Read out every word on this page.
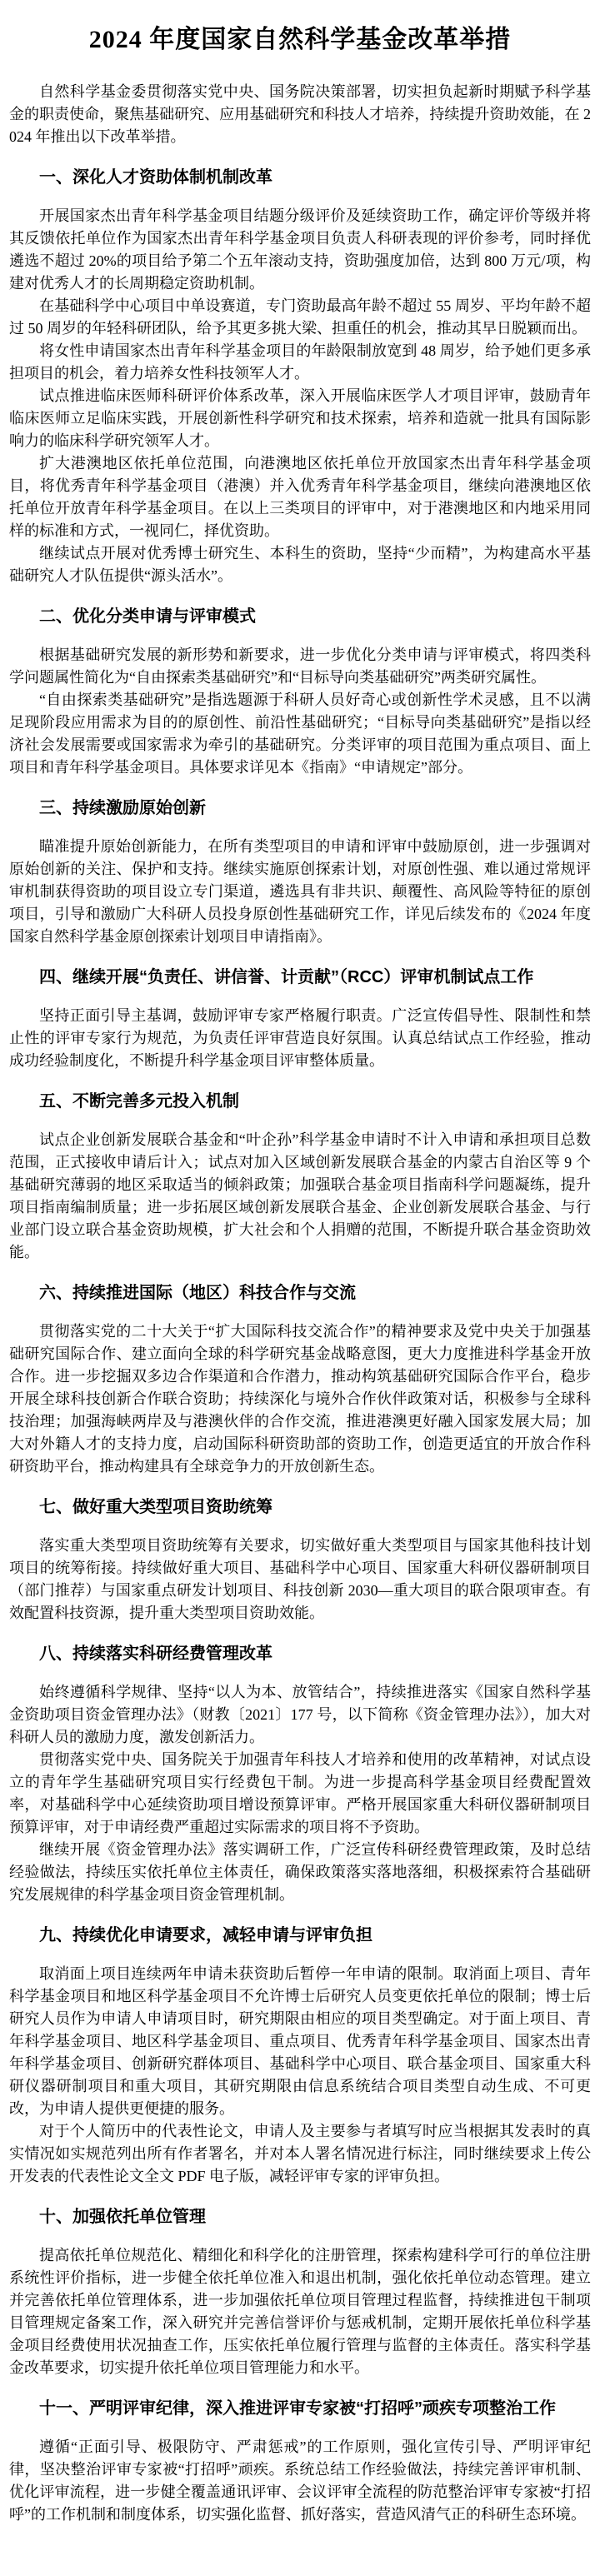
2024 年度国家自然科学基金改革举措

自然科学基金委贯彻落实党中央、国务院决策部署，切实担负起新时期赋予科学基金的职责使命，聚焦基础研究、应用基础研究和科技人才培养，持续提升资助效能，在 2024 年推出以下改革举措。

一、深化人才资助体制机制改革

开展国家杰出青年科学基金项目结题分级评价及延续资助工作，确定评价等级并将其反馈依托单位作为国家杰出青年科学基金项目负责人科研表现的评价参考，同时择优遴选不超过 20%的项目给予第二个五年滚动支持，资助强度加倍，达到 800 万元/项，构建对优秀人才的长周期稳定资助机制。

在基础科学中心项目中单设赛道，专门资助最高年龄不超过 55 周岁、平均年龄不超过 50 周岁的年轻科研团队，给予其更多挑大梁、担重任的机会，推动其早日脱颖而出。

将女性申请国家杰出青年科学基金项目的年龄限制放宽到 48 周岁，给予她们更多承担项目的机会，着力培养女性科技领军人才。

试点推进临床医师科研评价体系改革，深入开展临床医学人才项目评审，鼓励青年临床医师立足临床实践，开展创新性科学研究和技术探索，培养和造就一批具有国际影响力的临床科学研究领军人才。

扩大港澳地区依托单位范围，向港澳地区依托单位开放国家杰出青年科学基金项目，将优秀青年科学基金项目（港澳）并入优秀青年科学基金项目，继续向港澳地区依托单位开放青年科学基金项目。在以上三类项目的评审中，对于港澳地区和内地采用同样的标准和方式，一视同仁，择优资助。

继续试点开展对优秀博士研究生、本科生的资助，坚持“少而精”，为构建高水平基础研究人才队伍提供“源头活水”。

二、优化分类申请与评审模式

根据基础研究发展的新形势和新要求，进一步优化分类申请与评审模式，将四类科学问题属性简化为“自由探索类基础研究”和“目标导向类基础研究”两类研究属性。

“自由探索类基础研究”是指选题源于科研人员好奇心或创新性学术灵感，且不以满足现阶段应用需求为目的的原创性、前沿性基础研究；“目标导向类基础研究”是指以经济社会发展需要或国家需求为牵引的基础研究。分类评审的项目范围为重点项目、面上项目和青年科学基金项目。具体要求详见本《指南》“申请规定”部分。

三、持续激励原始创新

瞄准提升原始创新能力，在所有类型项目的申请和评审中鼓励原创，进一步强调对原始创新的关注、保护和支持。继续实施原创探索计划，对原创性强、难以通过常规评审机制获得资助的项目设立专门渠道，遴选具有非共识、颠覆性、高风险等特征的原创项目，引导和激励广大科研人员投身原创性基础研究工作，详见后续发布的《2024 年度国家自然科学基金原创探索计划项目申请指南》。

四、继续开展“负责任、讲信誉、计贡献”（RCC）评审机制试点工作

坚持正面引导主基调，鼓励评审专家严格履行职责。广泛宣传倡导性、限制性和禁止性的评审专家行为规范，为负责任评审营造良好氛围。认真总结试点工作经验，推动成功经验制度化，不断提升科学基金项目评审整体质量。

五、不断完善多元投入机制

试点企业创新发展联合基金和“叶企孙”科学基金申请时不计入申请和承担项目总数范围，正式接收申请后计入；试点对加入区域创新发展联合基金的内蒙古自治区等 9 个基础研究薄弱的地区采取适当的倾斜政策；加强联合基金项目指南科学问题凝练，提升项目指南编制质量；进一步拓展区域创新发展联合基金、企业创新发展联合基金、与行业部门设立联合基金资助规模，扩大社会和个人捐赠的范围，不断提升联合基金资助效能。

六、持续推进国际（地区）科技合作与交流

贯彻落实党的二十大关于“扩大国际科技交流合作”的精神要求及党中央关于加强基础研究国际合作、建立面向全球的科学研究基金战略意图，更大力度推进科学基金开放合作。进一步挖掘双多边合作渠道和合作潜力，推动构筑基础研究国际合作平台，稳步开展全球科技创新合作联合资助；持续深化与境外合作伙伴政策对话，积极参与全球科技治理；加强海峡两岸及与港澳伙伴的合作交流，推进港澳更好融入国家发展大局；加大对外籍人才的支持力度，启动国际科研资助部的资助工作，创造更适宜的开放合作科研资助平台，推动构建具有全球竞争力的开放创新生态。

七、做好重大类型项目资助统筹

落实重大类型项目资助统筹有关要求，切实做好重大类型项目与国家其他科技计划项目的统筹衔接。持续做好重大项目、基础科学中心项目、国家重大科研仪器研制项目（部门推荐）与国家重点研发计划项目、科技创新 2030—重大项目的联合限项审查。有效配置科技资源，提升重大类型项目资助效能。

八、持续落实科研经费管理改革

始终遵循科学规律、坚持“以人为本、放管结合”，持续推进落实《国家自然科学基金资助项目资金管理办法》（财教〔2021〕177 号，以下简称《资金管理办法》），加大对科研人员的激励力度，激发创新活力。

贯彻落实党中央、国务院关于加强青年科技人才培养和使用的改革精神，对试点设立的青年学生基础研究项目实行经费包干制。为进一步提高科学基金项目经费配置效率，对基础科学中心延续资助项目增设预算评审。严格开展国家重大科研仪器研制项目预算评审，对于申请经费严重超过实际需求的项目将不予资助。

继续开展《资金管理办法》落实调研工作，广泛宣传科研经费管理政策，及时总结经验做法，持续压实依托单位主体责任，确保政策落实落地落细，积极探索符合基础研究发展规律的科学基金项目资金管理机制。

九、持续优化申请要求，减轻申请与评审负担

取消面上项目连续两年申请未获资助后暂停一年申请的限制。取消面上项目、青年科学基金项目和地区科学基金项目不允许博士后研究人员变更依托单位的限制；博士后研究人员作为申请人申请项目时，研究期限由相应的项目类型确定。对于面上项目、青年科学基金项目、地区科学基金项目、重点项目、优秀青年科学基金项目、国家杰出青年科学基金项目、创新研究群体项目、基础科学中心项目、联合基金项目、国家重大科研仪器研制项目和重大项目，其研究期限由信息系统结合项目类型自动生成、不可更改，为申请人提供更便捷的服务。

对于个人简历中的代表性论文，申请人及主要参与者填写时应当根据其发表时的真实情况如实规范列出所有作者署名，并对本人署名情况进行标注，同时继续要求上传公开发表的代表性论文全文 PDF 电子版，减轻评审专家的评审负担。

十、加强依托单位管理

提高依托单位规范化、精细化和科学化的注册管理，探索构建科学可行的单位注册系统性评价指标，进一步健全依托单位准入和退出机制，强化依托单位动态管理。建立并完善依托单位管理体系，进一步加强依托单位项目管理过程监督，持续推进包干制项目管理规定备案工作，深入研究并完善信誉评价与惩戒机制，定期开展依托单位科学基金项目经费使用状况抽查工作，压实依托单位履行管理与监督的主体责任。落实科学基金改革要求，切实提升依托单位项目管理能力和水平。

十一、严明评审纪律，深入推进评审专家被“打招呼”顽疾专项整治工作

遵循“正面引导、极限防守、严肃惩戒”的工作原则，强化宣传引导、严明评审纪律，坚决整治评审专家被“打招呼”顽疾。系统总结工作经验做法，持续完善评审机制、优化评审流程，进一步健全覆盖通讯评审、会议评审全流程的防范整治评审专家被“打招呼”的工作机制和制度体系，切实强化监督、抓好落实，营造风清气正的科研生态环境。
